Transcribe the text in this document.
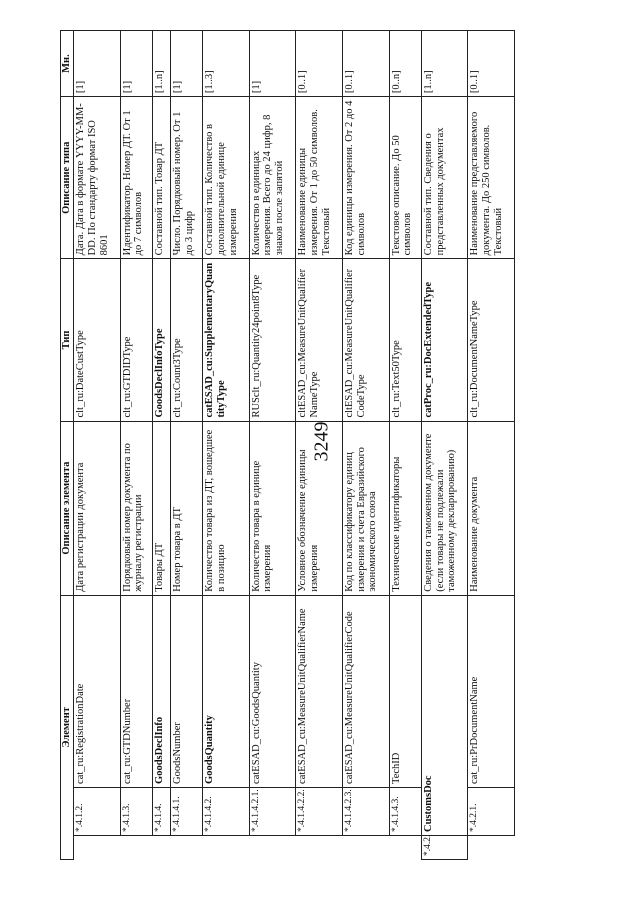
3249
Элемент				Описание элемента	Тип	Описание типа	Мн.
		*.4.1.2.	cat_ru:RegistrationDate	Дата регистрации документа	clt_ru:DateCustType	Дата. Дата в формате YYYY-MM-DD. По стандарту формат ISO 8601	[1]
		*.4.1.3.	cat_ru:GTDNumber	Порядковый номер документа по журналу регистрации	clt_ru:GTDIDType	Идентификатор. Номер ДТ. От 1 до 7 символов	[1]
		*.4.1.4.	GoodsDeclInfo	Товары ДТ	GoodsDeclInfoType	Составной тип. Товар ДТ	[1..n]
		*.4.1.4.1.	GoodsNumber	Номер товара в ДТ	clt_ru:Count3Type	Число. Порядковый номер. От 1 до 3 цифр	[1]
		*.4.1.4.2.	GoodsQuantity	Количество товара из ДТ, вошедшее в позицию	catESAD_cu:SupplementaryQuantityType	Составной тип. Количество в дополнительной единице измерения	[1..3]
		*.4.1.4.2.1.	catESAD_cu:GoodsQuantity	Количество товара в единице измерения	RUSclt_ru:Quantity24point8Type	Количество в единицах измерения. Всего до 24 цифр, 8 знаков после запятой	[1]
		*.4.1.4.2.2.	catESAD_cu:MeasureUnitQualifierName	Условное обозначение единицы измерения	cltESAD_cu:MeasureUnitQualifierNameType	Наименование единицы измерения. От 1 до 50 символов. Текстовый	[0..1]
		*.4.1.4.2.3.	catESAD_cu:MeasureUnitQualifierCode	Код по классификатору единиц измерения и счета Евразийского экономического союза	cltESAD_cu:MeasureUnitQualifierCodeType	Код единицы измерения. От 2 до 4 символов	[0..1]
		*.4.1.4.3.	TechID	Технические идентификаторы	clt_ru:Text50Type	Текстовое описание. До 50 символов	[0..n]
*.4.2.		CustomsDoc		Сведения о таможенном документе (если товары не подлежали таможенному декларированию)	catProc_ru:DocExtendedType	Составной тип. Сведения о представленных документах	[1..n]
		*.4.2.1.	cat_ru:PrDocumentName	Наименование документа	clt_ru:DocumentNameType	Наименование представляемого документа. До 250 символов. Текстовый	[0..1]
